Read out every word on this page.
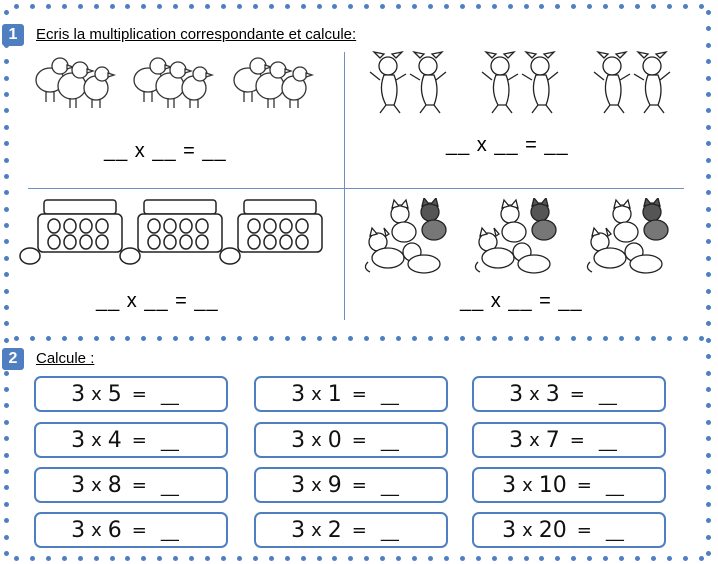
1	Ecris la multiplication correspondante et calcule:
__ x __ = __	__ x __ = __
__ x __ = __	__ x __ = __
2	Calcule :
3 x 5 = __	3 x 1 = __	3 x 3 = __
3 x 4 = __	3 x 0 = __	3 x 7 = __
3 x 8 = __	3 x 9 = __	3 x 10 = __
3 x 6 = __	3 x 2 = __	3 x 20 = __
